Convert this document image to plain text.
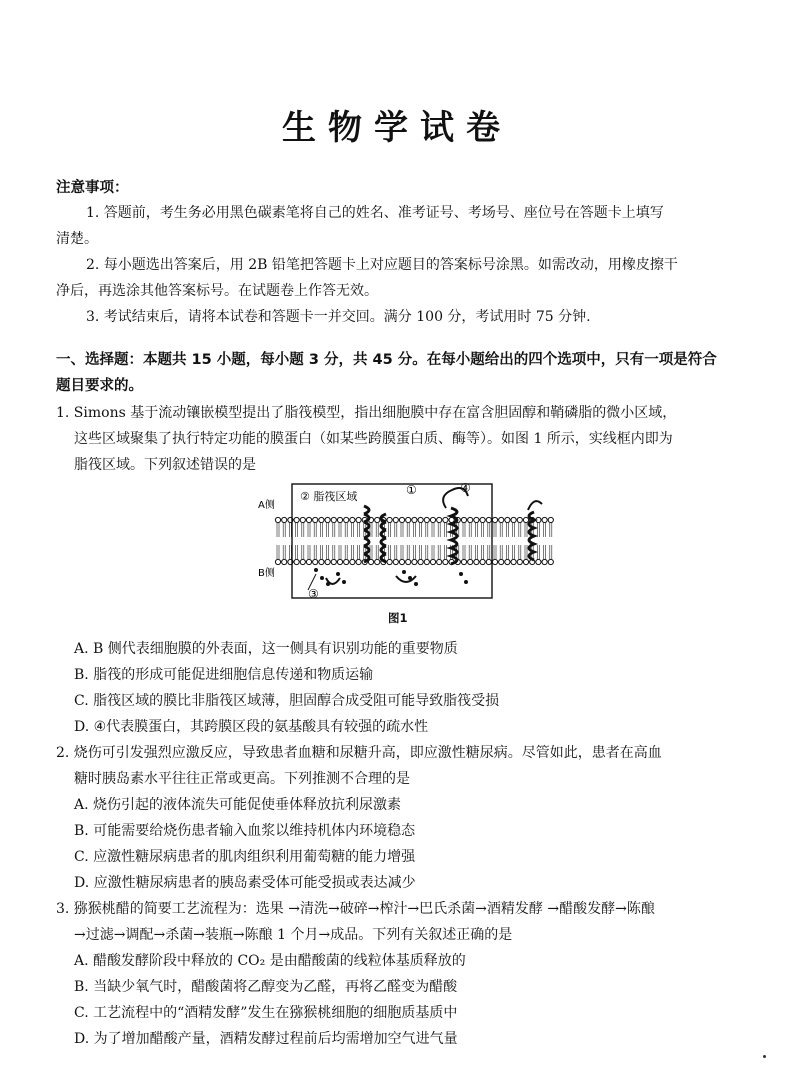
生物学试卷
注意事项：
1. 答题前，考生务必用黑色碳素笔将自己的姓名、准考证号、考场号、座位号在答题卡上填写
清楚。
2. 每小题选出答案后，用 2B 铅笔把答题卡上对应题目的答案标号涂黑。如需改动，用橡皮擦干
净后，再选涂其他答案标号。在试题卷上作答无效。
3. 考试结束后，请将本试卷和答题卡一并交回。满分 100 分，考试用时 75 分钟.
一、选择题：本题共 15 小题，每小题 3 分，共 45 分。在每小题给出的四个选项中，只有一项是符合
题目要求的。
1. Simons 基于流动镶嵌模型提出了脂筏模型，指出细胞膜中存在富含胆固醇和鞘磷脂的微小区域，
这些区域聚集了执行特定功能的膜蛋白（如某些跨膜蛋白质、酶等）。如图 1 所示，实线框内即为
脂筏区域。下列叙述错误的是
A侧
B侧
② 脂筏区域	①	④
③
图1
A. B 侧代表细胞膜的外表面，这一侧具有识别功能的重要物质
B. 脂筏的形成可能促进细胞信息传递和物质运输
C. 脂筏区域的膜比非脂筏区域薄，胆固醇合成受阻可能导致脂筏受损
D. ④代表膜蛋白，其跨膜区段的氨基酸具有较强的疏水性
2. 烧伤可引发强烈应激反应，导致患者血糖和尿糖升高，即应激性糖尿病。尽管如此，患者在高血
糖时胰岛素水平往往正常或更高。下列推测不合理的是
A. 烧伤引起的液体流失可能促使垂体释放抗利尿激素
B. 可能需要给烧伤患者输入血浆以维持机体内环境稳态
C. 应激性糖尿病患者的肌肉组织利用葡萄糖的能力增强
D. 应激性糖尿病患者的胰岛素受体可能受损或表达减少
3. 猕猴桃醋的简要工艺流程为：选果 →清洗→破碎→榨汁→巴氏杀菌→酒精发酵 →醋酸发酵→陈酿
→过滤→调配→杀菌→装瓶→陈酿 1 个月→成品。下列有关叙述正确的是
A. 醋酸发酵阶段中释放的 CO₂ 是由醋酸菌的线粒体基质释放的
B. 当缺少氧气时，醋酸菌将乙醇变为乙醛，再将乙醛变为醋酸
C. 工艺流程中的“酒精发酵”发生在猕猴桃细胞的细胞质基质中
D. 为了增加醋酸产量，酒精发酵过程前后均需增加空气进气量
